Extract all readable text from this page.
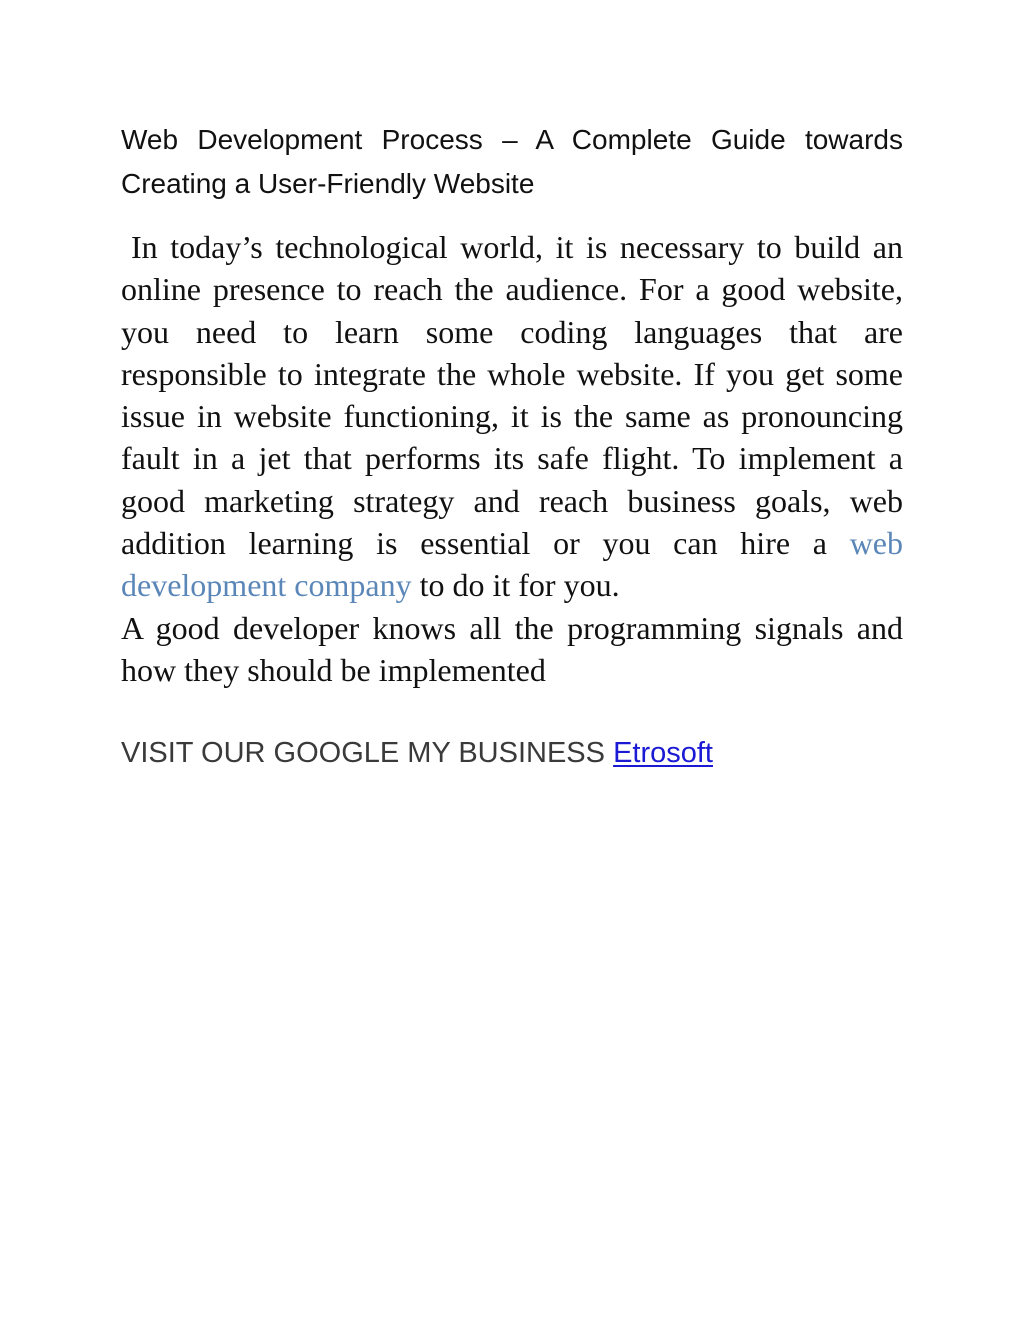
Web Development Process – A Complete Guide towards Creating a User-Friendly Website

In today’s technological world, it is necessary to build an online presence to reach the audience. For a good website, you need to learn some coding languages that are responsible to integrate the whole website. If you get some issue in website functioning, it is the same as pronouncing fault in a jet that performs its safe flight. To implement a good marketing strategy and reach business goals, web addition learning is essential or you can hire a web development company to do it for you.

A good developer knows all the programming signals and how they should be implemented

VISIT OUR GOOGLE MY BUSINESS Etrosoft
